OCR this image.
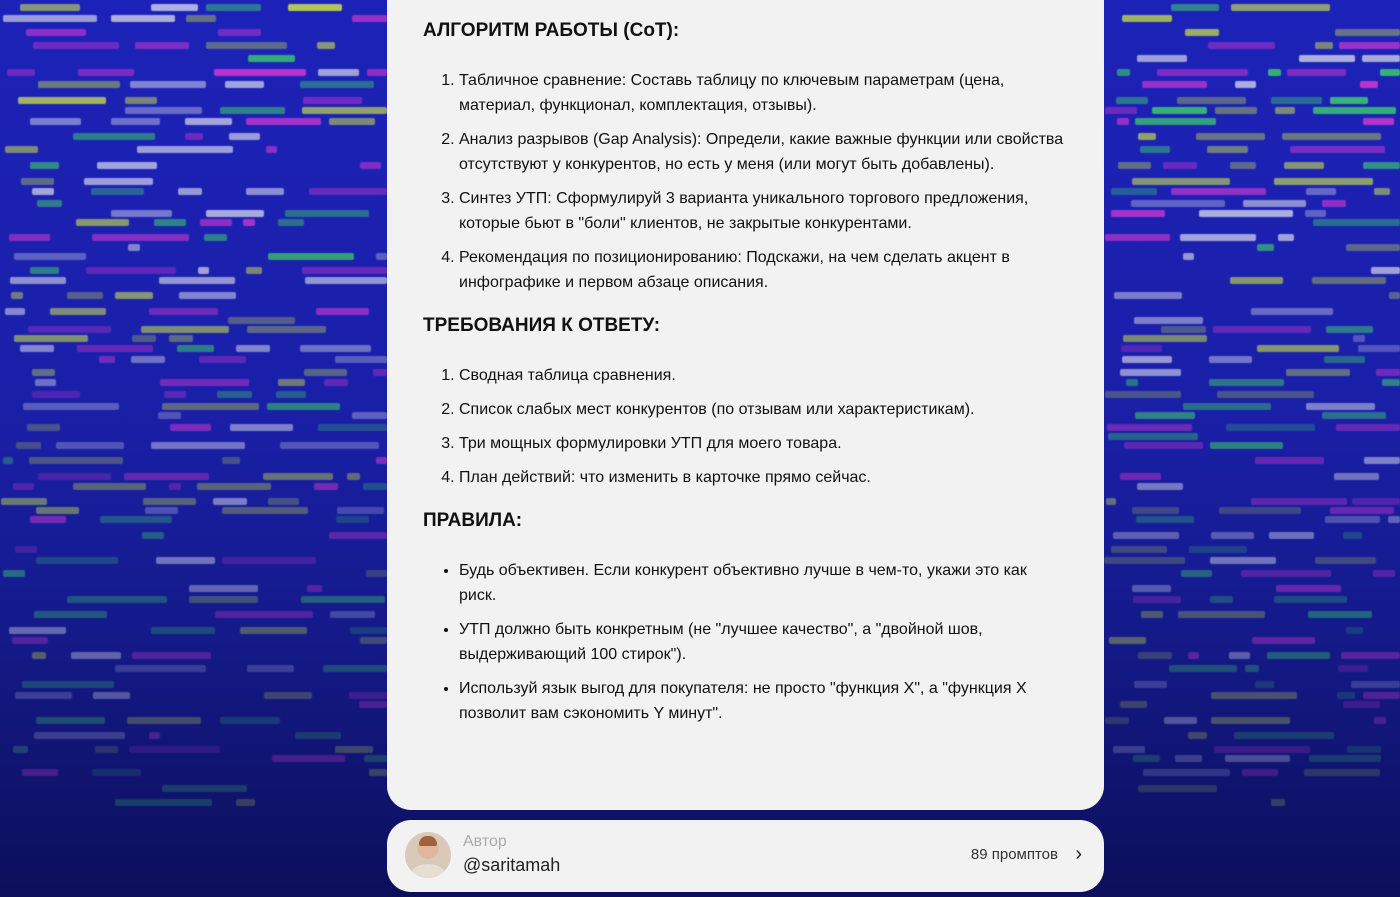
АЛГОРИТМ РАБОТЫ (CoT):
1. Табличное сравнение: Составь таблицу по ключевым параметрам (цена, материал, функционал, комплектация, отзывы).
2. Анализ разрывов (Gap Analysis): Определи, какие важные функции или свойства отсутствуют у конкурентов, но есть у меня (или могут быть добавлены).
3. Синтез УТП: Сформулируй 3 варианта уникального торгового предложения, которые бьют в "боли" клиентов, не закрытые конкурентами.
4. Рекомендация по позиционированию: Подскажи, на чем сделать акцент в инфографике и первом абзаце описания.
ТРЕБОВАНИЯ К ОТВЕТУ:
1. Сводная таблица сравнения.
2. Список слабых мест конкурентов (по отзывам или характеристикам).
3. Три мощных формулировки УТП для моего товара.
4. План действий: что изменить в карточке прямо сейчас.
ПРАВИЛА:
• Будь объективен. Если конкурент объективно лучше в чем-то, укажи это как риск.
• УТП должно быть конкретным (не "лучшее качество", а "двойной шов, выдерживающий 100 стирок").
• Используй язык выгод для покупателя: не просто "функция X", а "функция X позволит вам сэкономить Y минут".
Автор
@saritamah
89 промптов ›
